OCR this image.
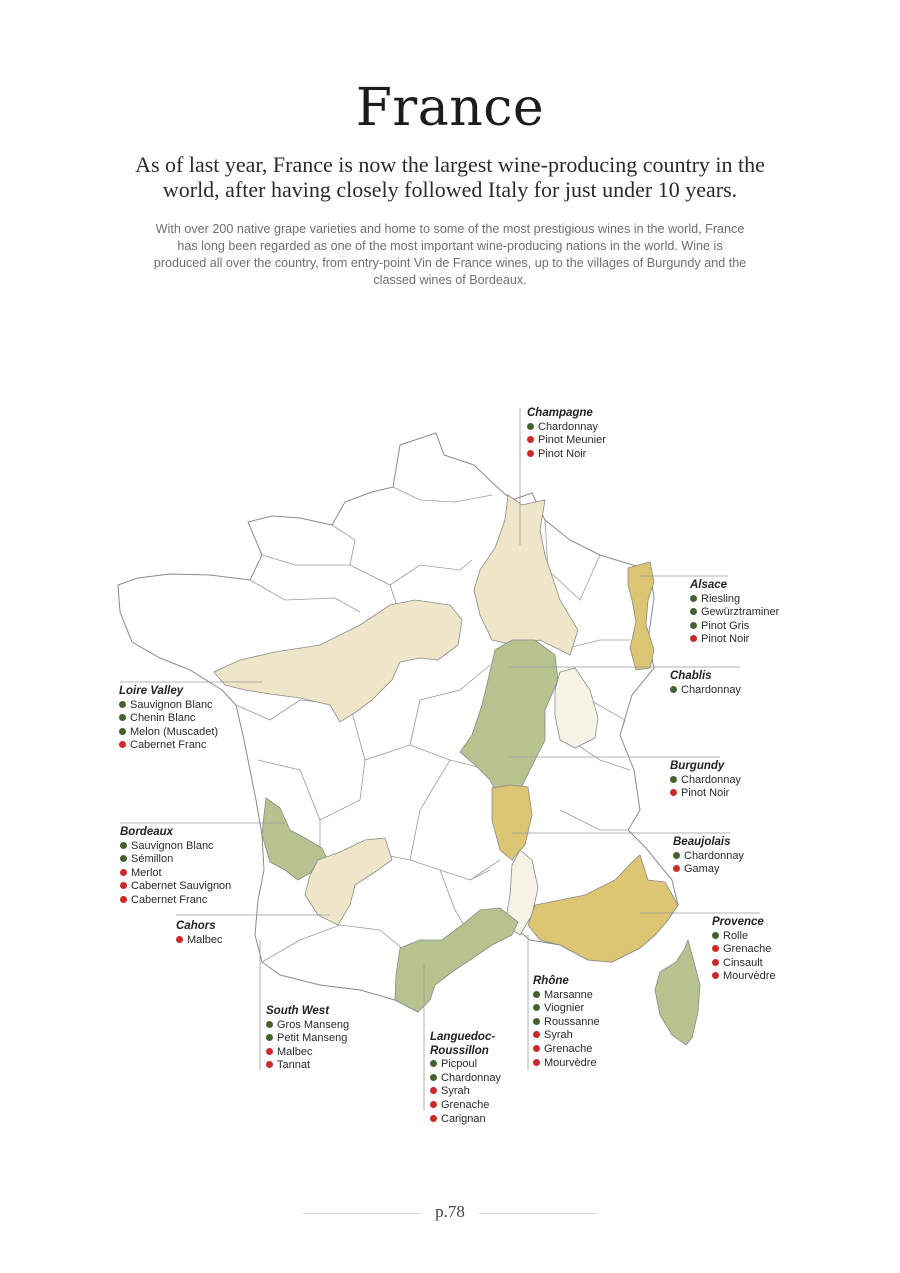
France
As of last year, France is now the largest wine-producing country in the world, after having closely followed Italy for just under 10 years.
With over 200 native grape varieties and home to some of the most prestigious wines in the world, France has long been regarded as one of the most important wine-producing nations in the world. Wine is produced all over the country, from entry-point Vin de France wines, up to the villages of Burgundy and the classed wines of Bordeaux.
Champagne
Chardonnay
Pinot Meunier
Pinot Noir
Alsace
Riesling
Gewürztraminer
Pinot Gris
Pinot Noir
Chablis
Chardonnay
Loire Valley
Sauvignon Blanc
Chenin Blanc
Melon (Muscadet)
Cabernet Franc
Burgundy
Chardonnay
Pinot Noir
Bordeaux
Sauvignon Blanc
Sémillon
Merlot
Cabernet Sauvignon
Cabernet Franc
Beaujolais
Chardonnay
Gamay
Cahors
Malbec
Provence
Rolle
Grenache
Cinsault
Mourvèdre
Rhône
Marsanne
Viognier
Roussanne
Syrah
Grenache
Mourvèdre
South West
Gros Manseng
Petit Manseng
Malbec
Tannat
Languedoc-Roussillon
Picpoul
Chardonnay
Syrah
Grenache
Carignan
p.78
